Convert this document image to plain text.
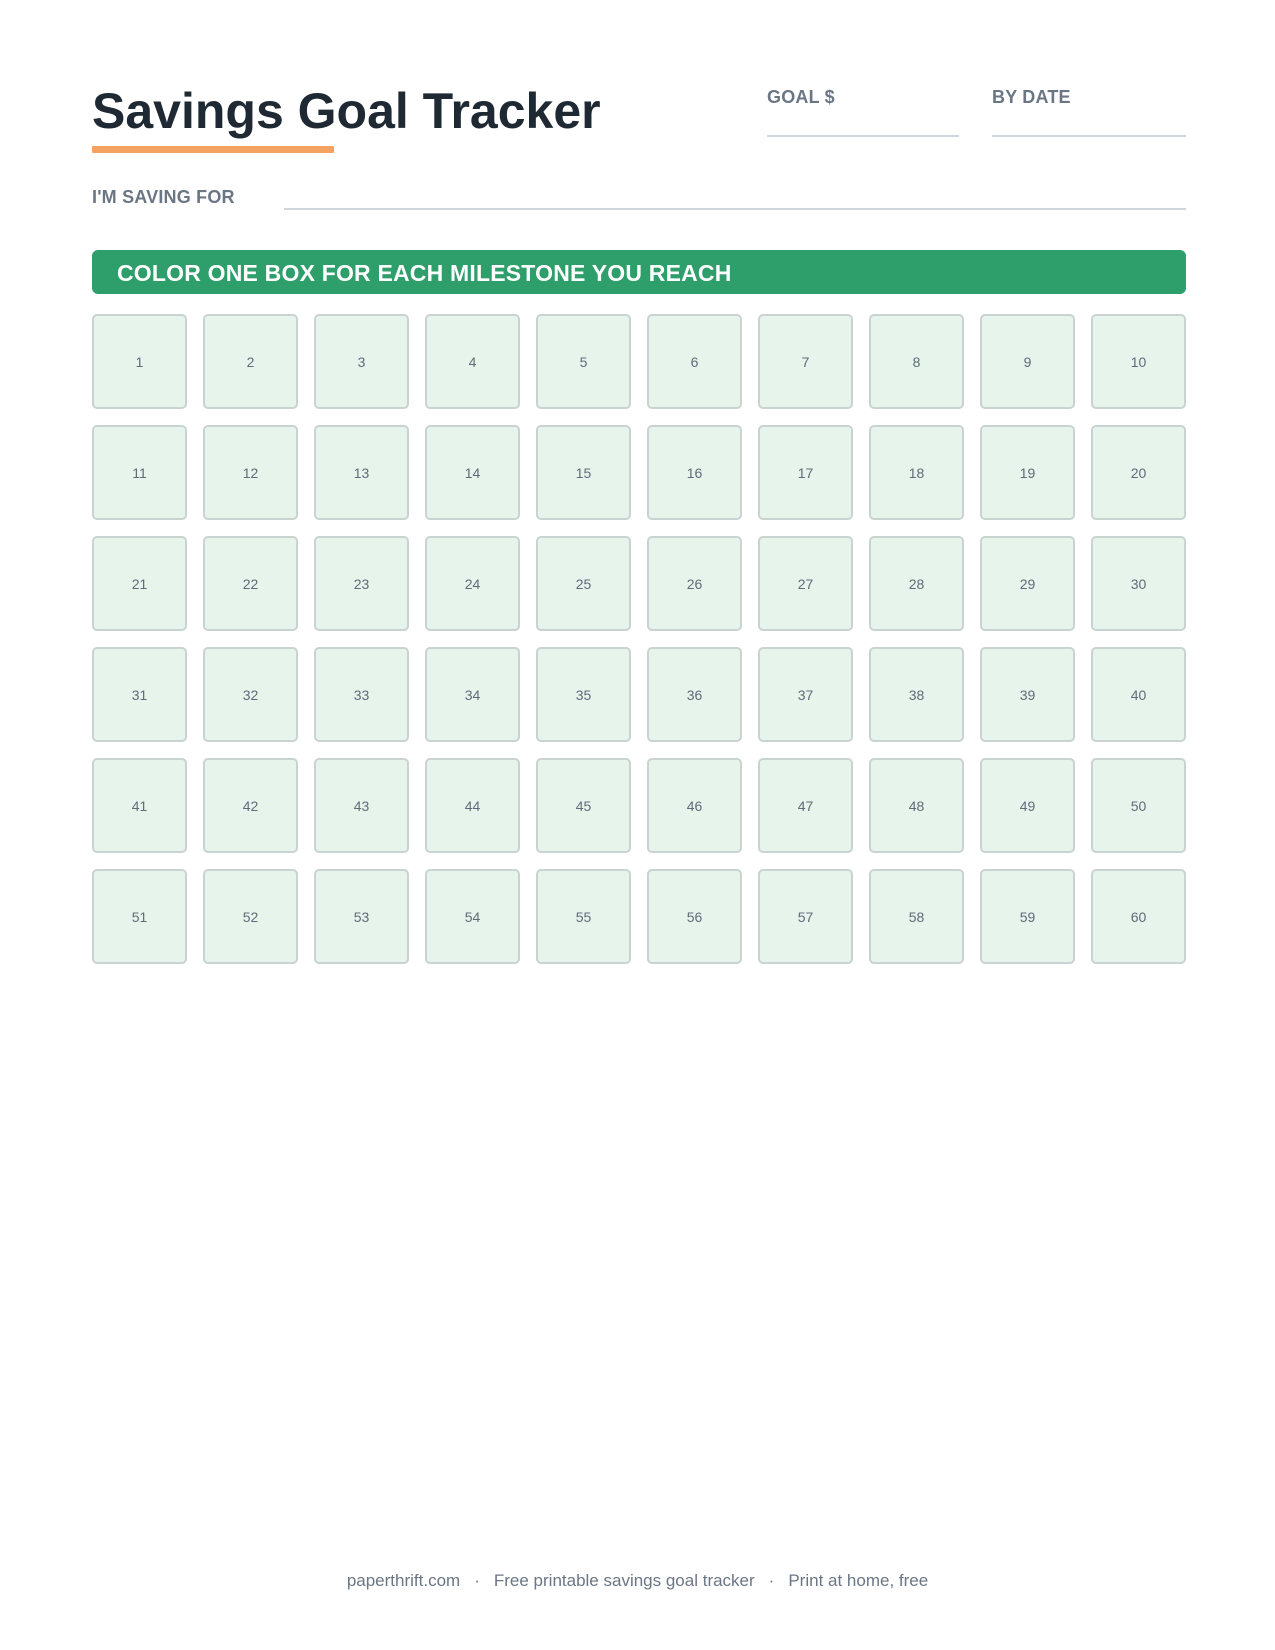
Savings Goal Tracker	GOAL $	BY DATE
I'M SAVING FOR
COLOR ONE BOX FOR EACH MILESTONE YOU REACH
1	2	3	4	5	6	7	8	9	10
11	12	13	14	15	16	17	18	19	20
21	22	23	24	25	26	27	28	29	30
31	32	33	34	35	36	37	38	39	40
41	42	43	44	45	46	47	48	49	50
51	52	53	54	55	56	57	58	59	60
paperthrift.com · Free printable savings goal tracker · Print at home, free
